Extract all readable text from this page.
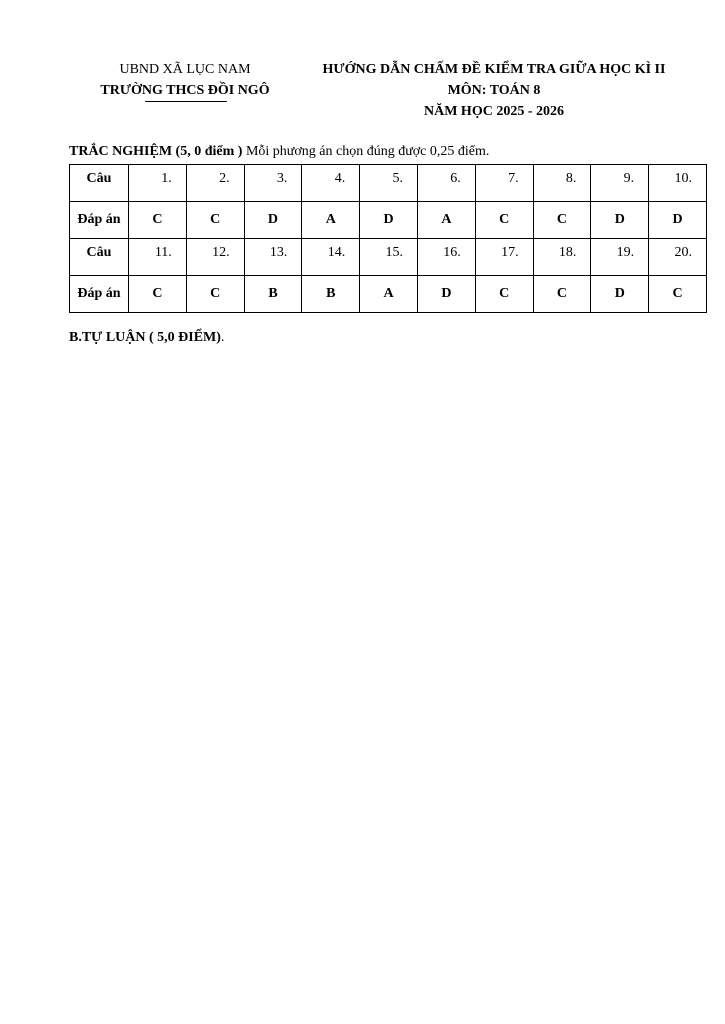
UBND XÃ LỤC NAM
TRƯỜNG THCS ĐỒI NGÔ
HƯỚNG DẪN CHẤM ĐỀ KIỂM TRA GIỮA HỌC KÌ II
MÔN: TOÁN 8
NĂM HỌC 2025 - 2026
TRẮC NGHIỆM (5, 0 điểm ) Mỗi phương án chọn đúng được 0,25 điểm.
Câu	1.	2.	3.	4.	5.	6.	7.	8.	9.	10.
Đáp án	C	C	D	A	D	A	C	C	D	D
Câu	11.	12.	13.	14.	15.	16.	17.	18.	19.	20.
Đáp án	C	C	B	B	A	D	C	C	D	C
B.TỰ LUẬN ( 5,0 ĐIỂM).
